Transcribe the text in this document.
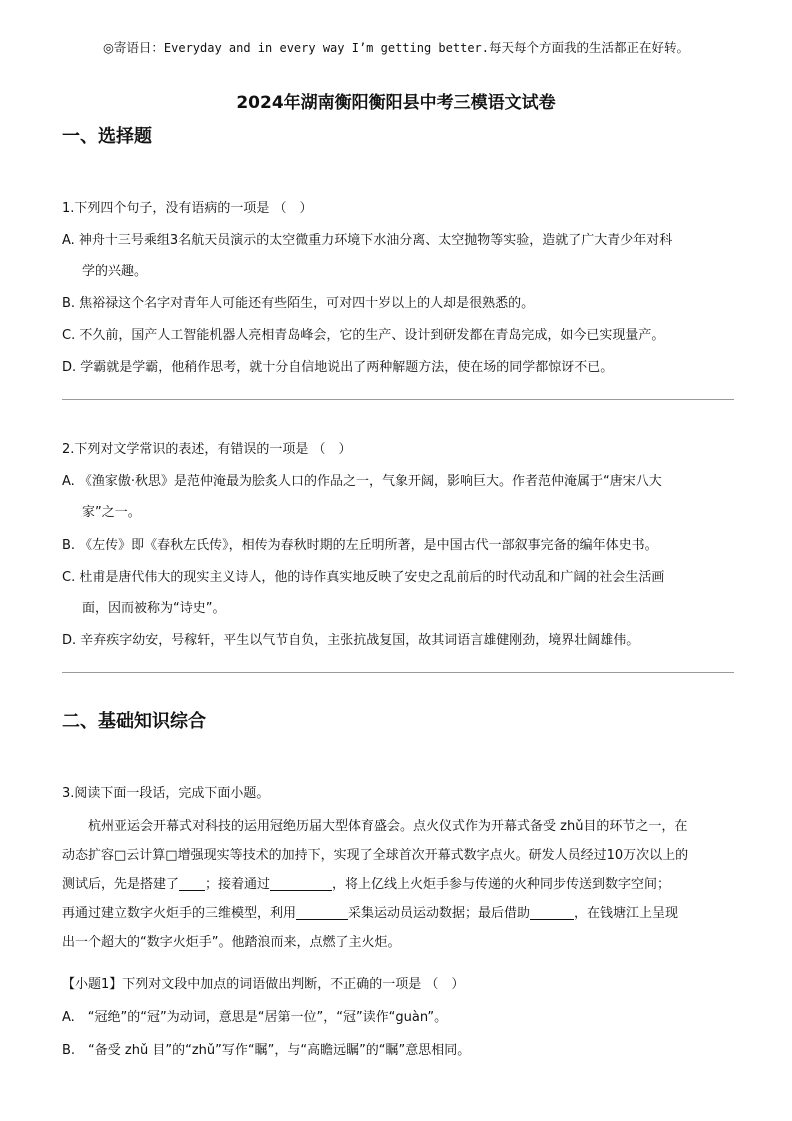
◎寄语日：Everyday and in every way I’m getting better.每天每个方面我的生活都正在好转。
2024年湖南衡阳衡阳县中考三模语文试卷
一、选择题
1.下列四个句子，没有语病的一项是 （　）
A. 神舟十三号乘组3名航天员演示的太空微重力环境下水油分离、太空抛物等实验，造就了广大青少年对科
学的兴趣。
B. 焦裕禄这个名字对青年人可能还有些陌生，可对四十岁以上的人却是很熟悉的。
C. 不久前，国产人工智能机器人亮相青岛峰会，它的生产、设计到研发都在青岛完成，如今已实现量产。
D. 学霸就是学霸，他稍作思考，就十分自信地说出了两种解题方法，使在场的同学都惊讶不已。
2.下列对文学常识的表述，有错误的一项是 （　）
A. 《渔家傲·秋思》是范仲淹最为脍炙人口的作品之一，气象开阔，影响巨大。作者范仲淹属于“唐宋八大
家”之一。
B. 《左传》即《春秋左氏传》，相传为春秋时期的左丘明所著，是中国古代一部叙事完备的编年体史书。
C. 杜甫是唐代伟大的现实主义诗人，他的诗作真实地反映了安史之乱前后的时代动乱和广阔的社会生活画
面，因而被称为“诗史”。
D. 辛弃疾字幼安，号稼轩，平生以气节自负，主张抗战复国，故其词语言雄健刚劲，境界壮阔雄伟。
二、基础知识综合
3.阅读下面一段话，完成下面小题。
杭州亚运会开幕式对科技的运用冠绝历届大型体育盛会。点火仪式作为开幕式备受 zhǔ目的环节之一，在
动态扩容□云计算□增强现实等技术的加持下，实现了全球首次开幕式数字点火。研发人员经过10万次以上的
测试后，先是搭建了 ；接着通过	，将上亿线上火炬手参与传递的火种同步传送到数字空间；
再通过建立数字火炬手的三维模型，利用	采集运动员运动数据；最后借助	，在钱塘江上呈现
出一个超大的“数字火炬手”。他踏浪而来，点燃了主火炬。
【小题1】下列对文段中加点的词语做出判断，不正确的一项是 （　）
A.　“冠绝”的“冠”为动词，意思是“居第一位”，“冠”读作“guàn”。
B.　“备受 zhǔ 目”的“zhǔ”写作“瞩”，与“高瞻远瞩”的“瞩”意思相同。
